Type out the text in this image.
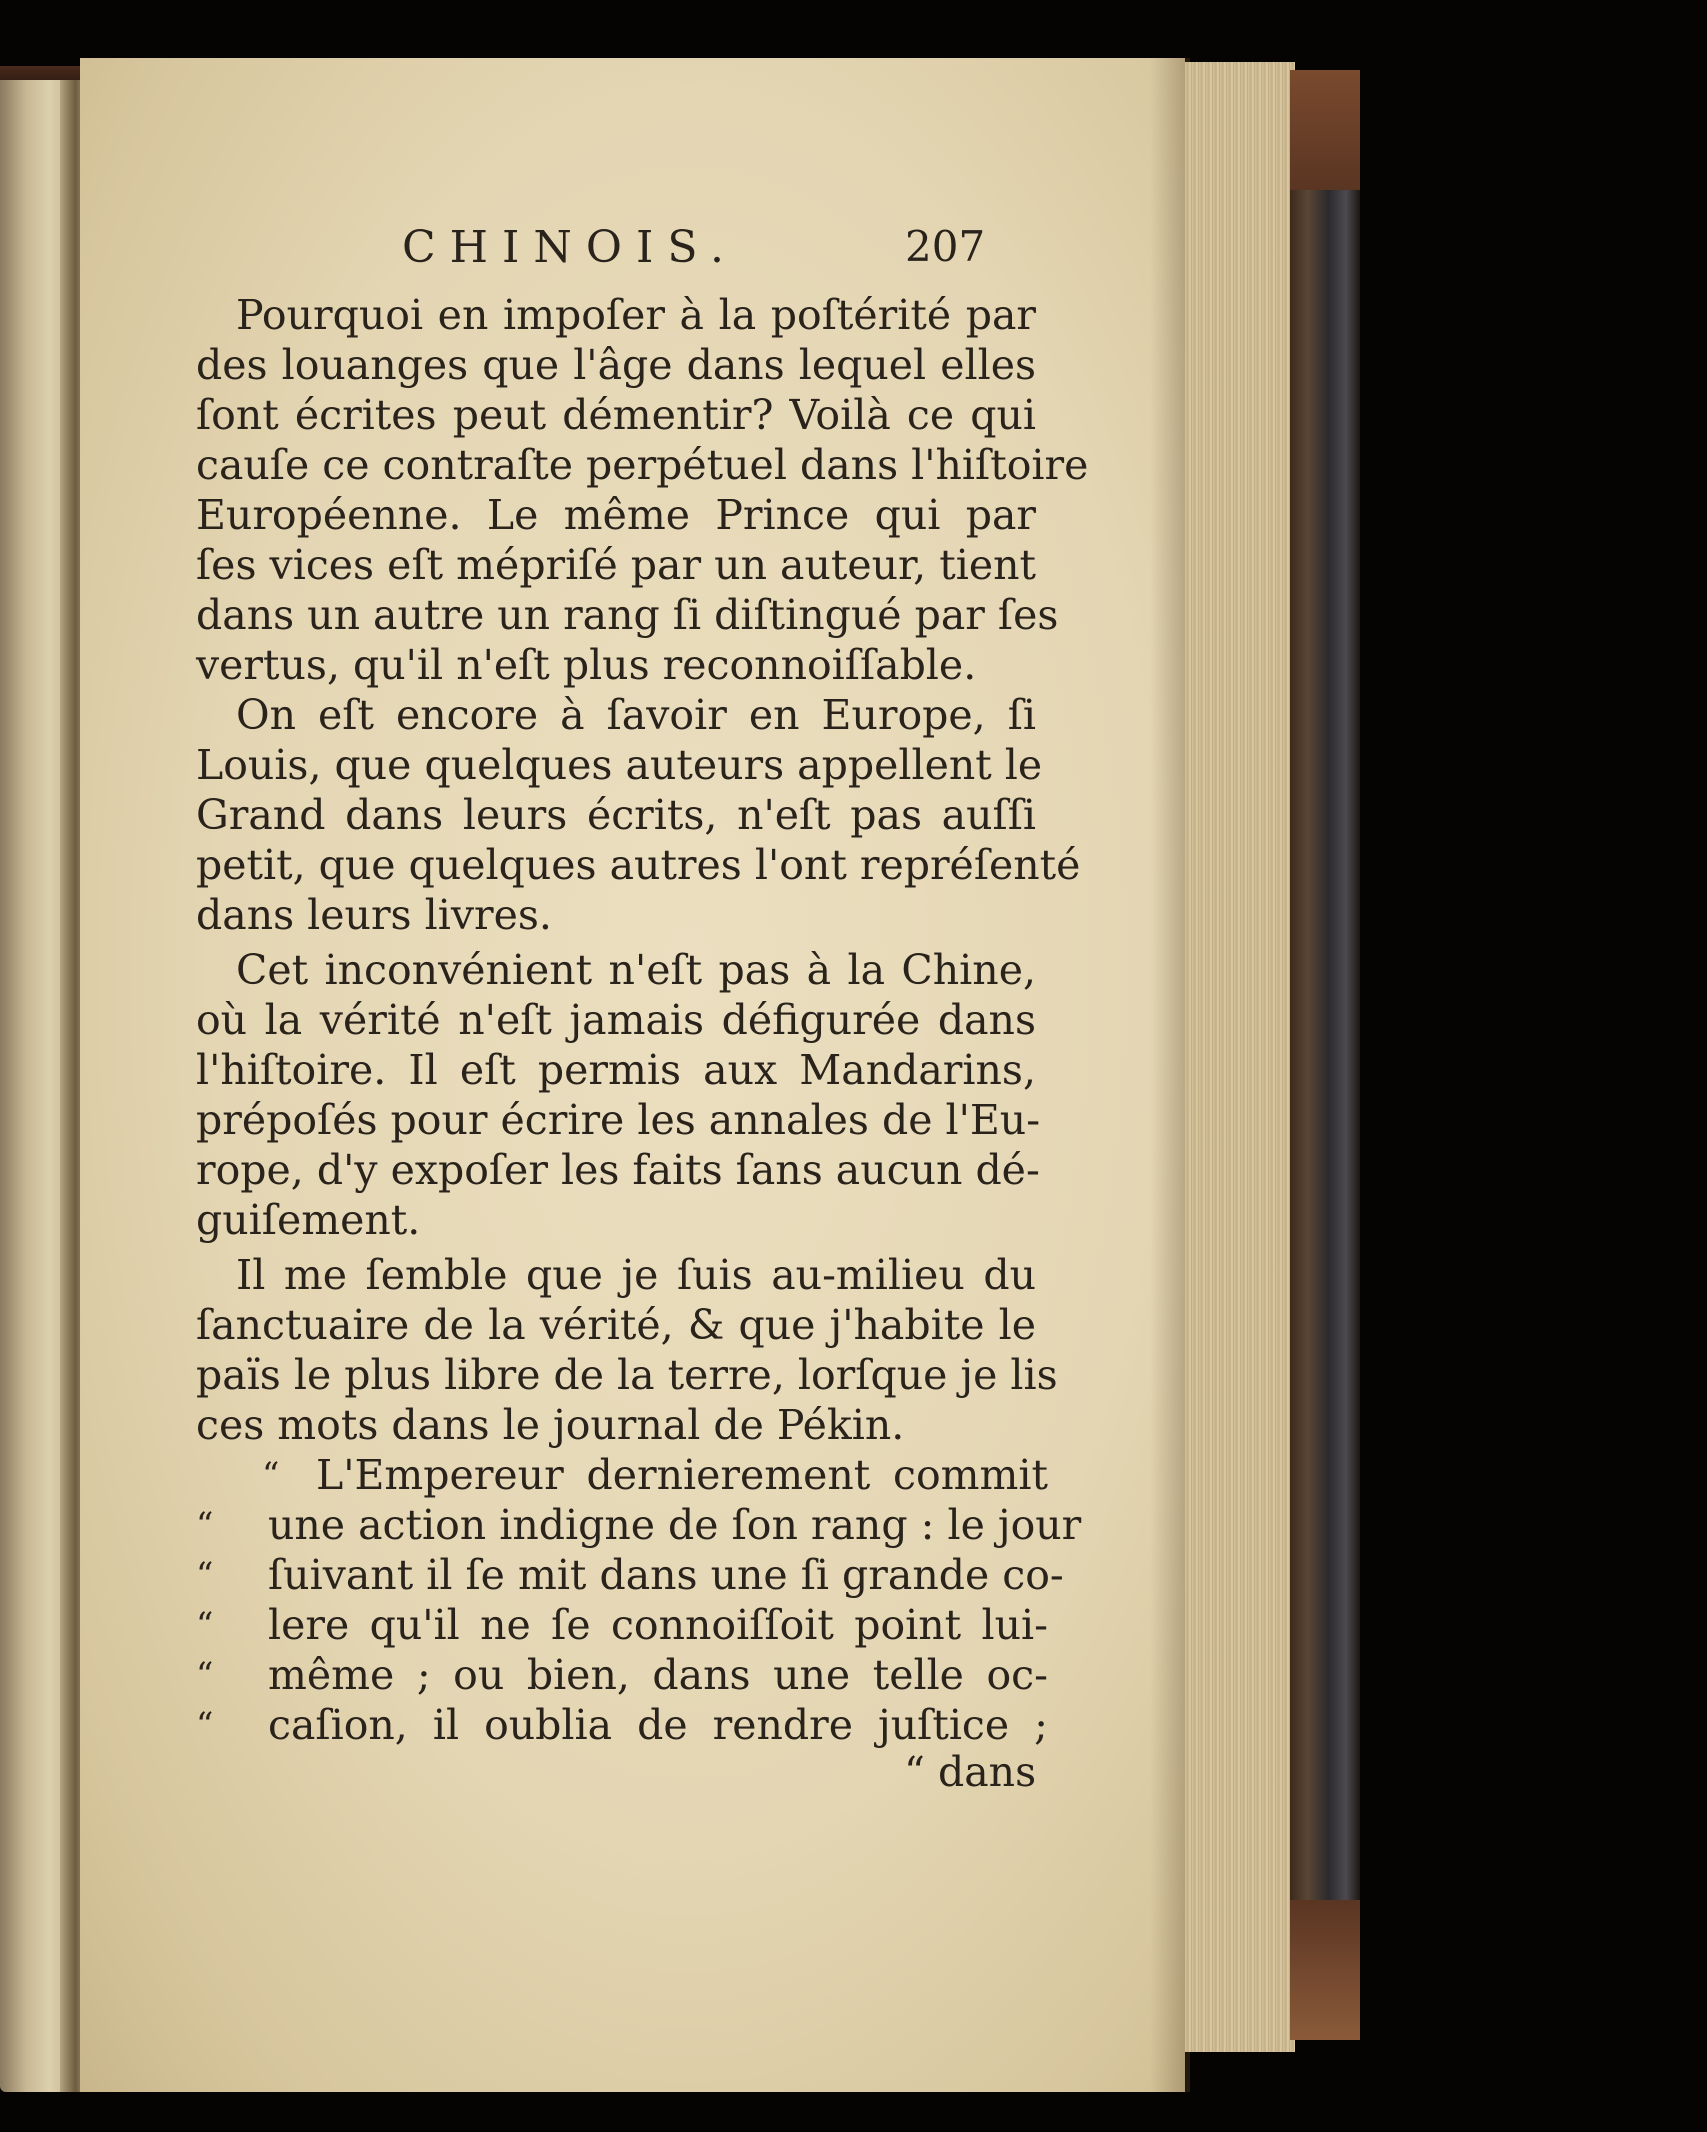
CHINOIS.	207
Pourquoi en impoſer à la poſtérité par
des louanges que l'âge dans lequel elles
ſont écrites peut démentir? Voilà ce qui
cauſe ce contraſte perpétuel dans l'hiſtoire
Européenne. Le même Prince qui par
ſes vices eſt mépriſé par un auteur, tient
dans un autre un rang ſi diſtingué par ſes
vertus, qu'il n'eſt plus reconnoiſſable.
On eſt encore à ſavoir en Europe, ſi
Louis, que quelques auteurs appellent le
Grand dans leurs écrits, n'eſt pas auſſi
petit, que quelques autres l'ont repréſenté
dans leurs livres.
Cet inconvénient n'eſt pas à la Chine,
où la vérité n'eſt jamais défigurée dans
l'hiſtoire. Il eſt permis aux Mandarins,
prépoſés pour écrire les annales de l'Eu-
rope, d'y expoſer les faits ſans aucun dé-
guiſement.
Il me ſemble que je ſuis au-milieu du
ſanctuaire de la vérité, & que j'habite le
païs le plus libre de la terre, lorſque je lis
ces mots dans le journal de Pékin.
“ L'Empereur dernierement commit
“	une action indigne de ſon rang : le jour
“	ſuivant il ſe mit dans une ſi grande co-
“	lere qu'il ne ſe connoiſſoit point lui-
“	même ; ou bien, dans une telle oc-
“	caſion, il oublia de rendre juſtice ;
“ dans
